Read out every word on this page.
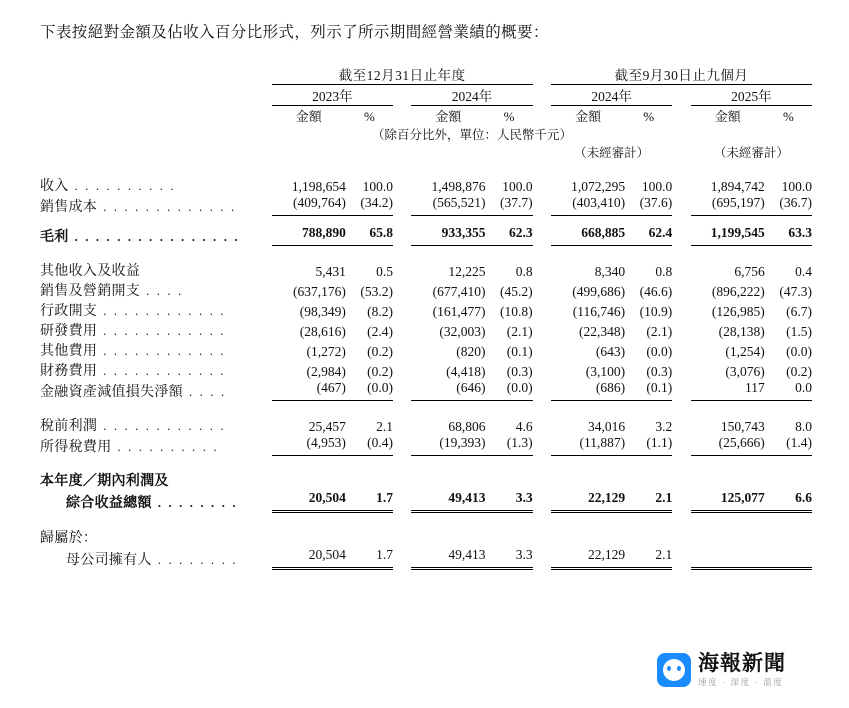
下表按絕對金額及佔收入百分比形式，列示了所示期間經營業績的概要：
	截至12月31日止年度						截至9月30日止九個月				
	2023年			2024年			2024年			2025年	
	金額	%		金額	%		金額	%		金額	%
	（除百分比外，單位：人民幣千元）										
							（未經審計）			（未經審計）	

收入 . . . . . . . . . .	1,198,654	100.0		1,498,876	100.0		1,072,295	100.0		1,894,742	100.0
銷售成本 . . . . . . . . . . . . .	(409,764)	(34.2)		(565,521)	(37.7)		(403,410)	(37.6)		(695,197)	(36.7)

毛利 . . . . . . . . . . . . . . . .	788,890	65.8		933,355	62.3		668,885	62.4		1,199,545	63.3

其他收入及收益	5,431	0.5		12,225	0.8		8,340	0.8		6,756	0.4
銷售及營銷開支 . . . .	(637,176)	(53.2)		(677,410)	(45.2)		(499,686)	(46.6)		(896,222)	(47.3)
行政開支 . . . . . . . . . . . .	(98,349)	(8.2)		(161,477)	(10.8)		(116,746)	(10.9)		(126,985)	(6.7)
研發費用 . . . . . . . . . . . .	(28,616)	(2.4)		(32,003)	(2.1)		(22,348)	(2.1)		(28,138)	(1.5)
其他費用 . . . . . . . . . . . .	(1,272)	(0.2)		(820)	(0.1)		(643)	(0.0)		(1,254)	(0.0)
財務費用 . . . . . . . . . . . .	(2,984)	(0.2)		(4,418)	(0.3)		(3,100)	(0.3)		(3,076)	(0.2)
金融資產減值損失淨額 . . . .	(467)	(0.0)		(646)	(0.0)		(686)	(0.1)		117	0.0

稅前利潤 . . . . . . . . . . . .	25,457	2.1		68,806	4.6		34,016	3.2		150,743	8.0
所得稅費用 . . . . . . . . . .	(4,953)	(0.4)		(19,393)	(1.3)		(11,887)	(1.1)		(25,666)	(1.4)

本年度／期內利潤及											
綜合收益總額 . . . . . . . .	20,504	1.7		49,413	3.3		22,129	2.1		125,077	6.6

歸屬於：											
母公司擁有人 . . . . . . . .	20,504	1.7		49,413	3.3		22,129	2.1			
海報新聞
速度 · 深度 · 溫度
